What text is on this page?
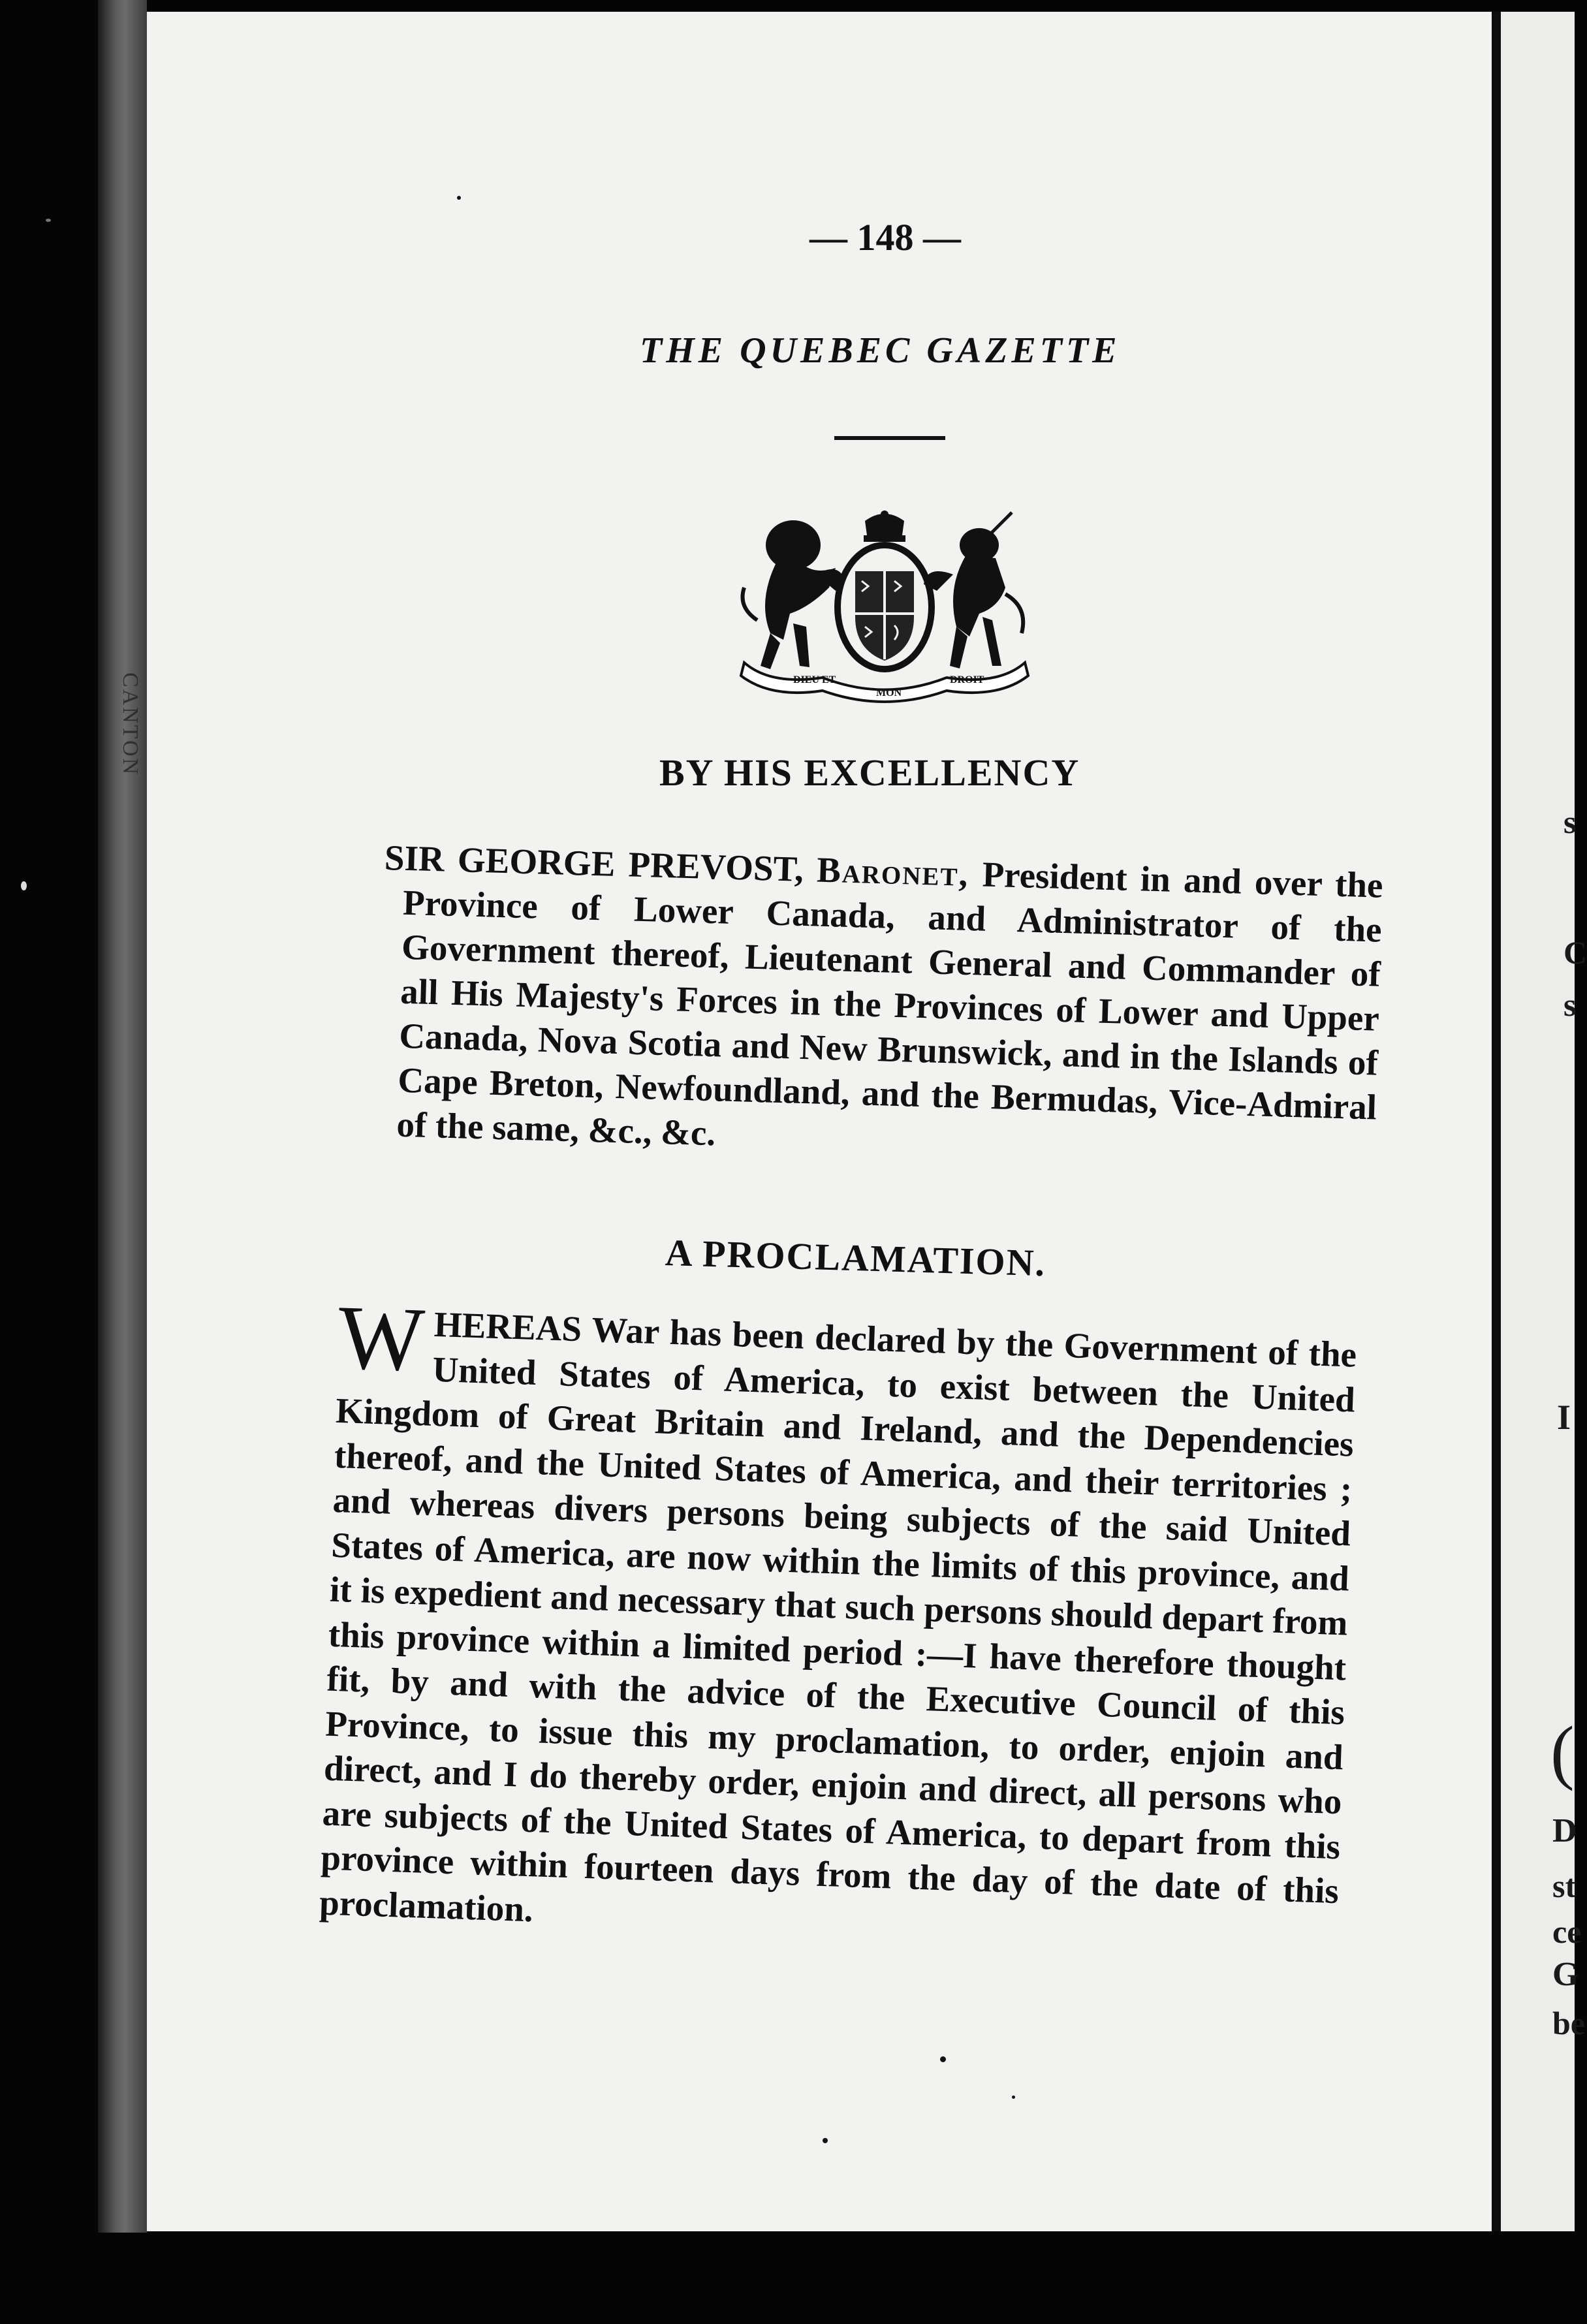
CANTON
s
C
s
I
(
D
st
ce
G
be
— 148 —
THE QUEBEC GAZETTE
DIEU ET
MON
DROIT
BY HIS EXCELLENCY

SIR GEORGE PREVOST, Baronet, President in and over the Province of Lower Canada, and Administrator of the Government thereof, Lieutenant General and Commander of all His Majesty's Forces in the Provinces of Lower and Upper Canada, Nova Scotia and New Brunswick, and in the Islands of Cape Breton, Newfoundland, and the Bermudas, Vice-Admiral of the same, &c., &c.

A PROCLAMATION.
W HEREAS War has been declared by the Government of the United States of America, to exist between the United Kingdom of Great Britain and Ireland, and the Dependencies thereof, and the United States of America, and their territories ; and whereas divers persons being subjects of the said United States of America, are now within the limits of this province, and it is expedient and necessary that such persons should depart from this province within a limited period :—I have therefore thought fit, by and with the advice of the Executive Council of this Province, to issue this my proclamation, to order, enjoin and direct, and I do thereby order, enjoin and direct, all persons who are subjects of the United States of America, to depart from this province within fourteen days from the day of the date of this proclamation.
